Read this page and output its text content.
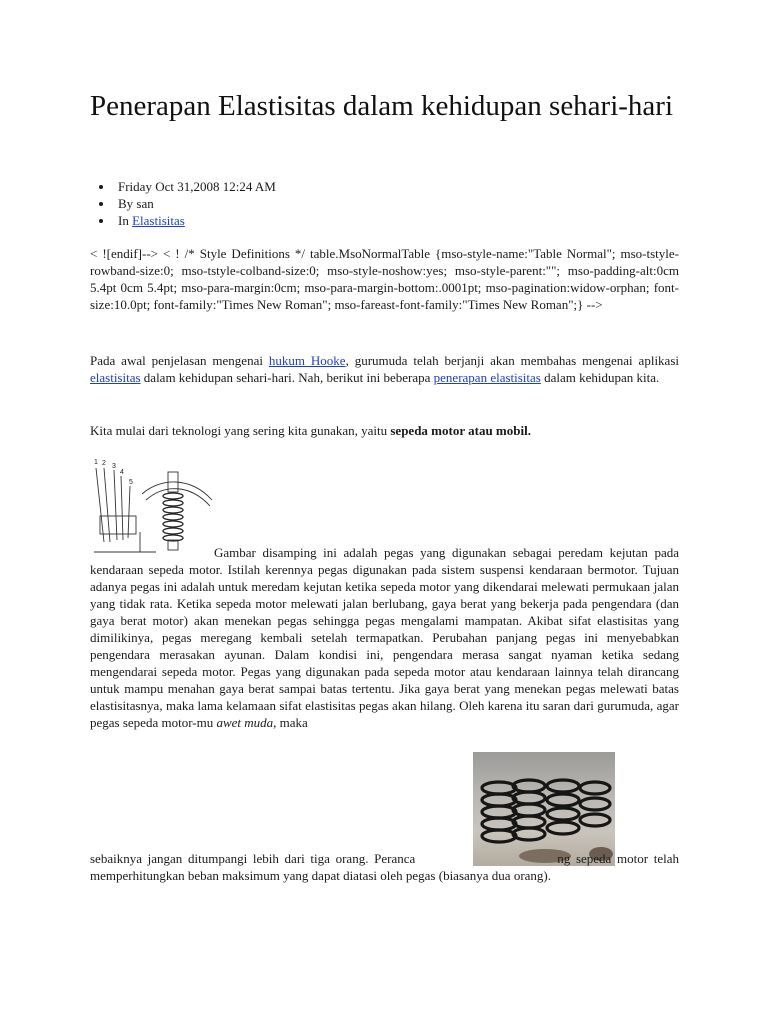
Penerapan Elastisitas dalam kehidupan sehari-hari
• Friday Oct 31,2008 12:24 AM
• By san
• In Elastisitas

< ![endif]--> < ! /* Style Definitions */ table.MsoNormalTable {mso-style-name:"Table Normal"; mso-tstyle-rowband-size:0; mso-tstyle-colband-size:0; mso-style-noshow:yes; mso-style-parent:""; mso-padding-alt:0cm 5.4pt 0cm 5.4pt; mso-para-margin:0cm; mso-para-margin-bottom:.0001pt; mso-pagination:widow-orphan; font-size:10.0pt; font-family:"Times New Roman"; mso-fareast-font-family:"Times New Roman";} -->

Pada awal penjelasan mengenai hukum Hooke, gurumuda telah berjanji akan membahas mengenai aplikasi elastisitas dalam kehidupan sehari-hari. Nah, berikut ini beberapa penerapan elastisitas dalam kehidupan kita.

Kita mulai dari teknologi yang sering kita gunakan, yaitu sepeda motor atau mobil.

1 2 3
4
5

Gambar disamping ini adalah pegas yang digunakan sebagai peredam kejutan pada kendaraan sepeda motor. Istilah kerennya pegas digunakan pada sistem suspensi kendaraan bermotor. Tujuan adanya pegas ini adalah untuk meredam kejutan ketika sepeda motor yang dikendarai melewati permukaan jalan yang tidak rata. Ketika sepeda motor melewati jalan berlubang, gaya berat yang bekerja pada pengendara (dan gaya berat motor) akan menekan pegas sehingga pegas mengalami mampatan. Akibat sifat elastisitas yang dimilikinya, pegas meregang kembali setelah termapatkan. Perubahan panjang pegas ini menyebabkan pengendara merasakan ayunan. Dalam kondisi ini, pengendara merasa sangat nyaman ketika sedang mengendarai sepeda motor. Pegas yang digunakan pada sepeda motor atau kendaraan lainnya telah dirancang untuk mampu menahan gaya berat sampai batas tertentu. Jika gaya berat yang menekan pegas melewati batas elastisitasnya, maka lama kelamaan sifat elastisitas pegas akan hilang. Oleh karena itu saran dari gurumuda, agar pegas sepeda motor-mu awet muda, maka

sebaiknya jangan ditumpangi lebih dari tiga orang. Peranca	ng sepeda motor telah memperhitungkan beban maksimum yang dapat diatasi oleh pegas (biasanya dua orang).
